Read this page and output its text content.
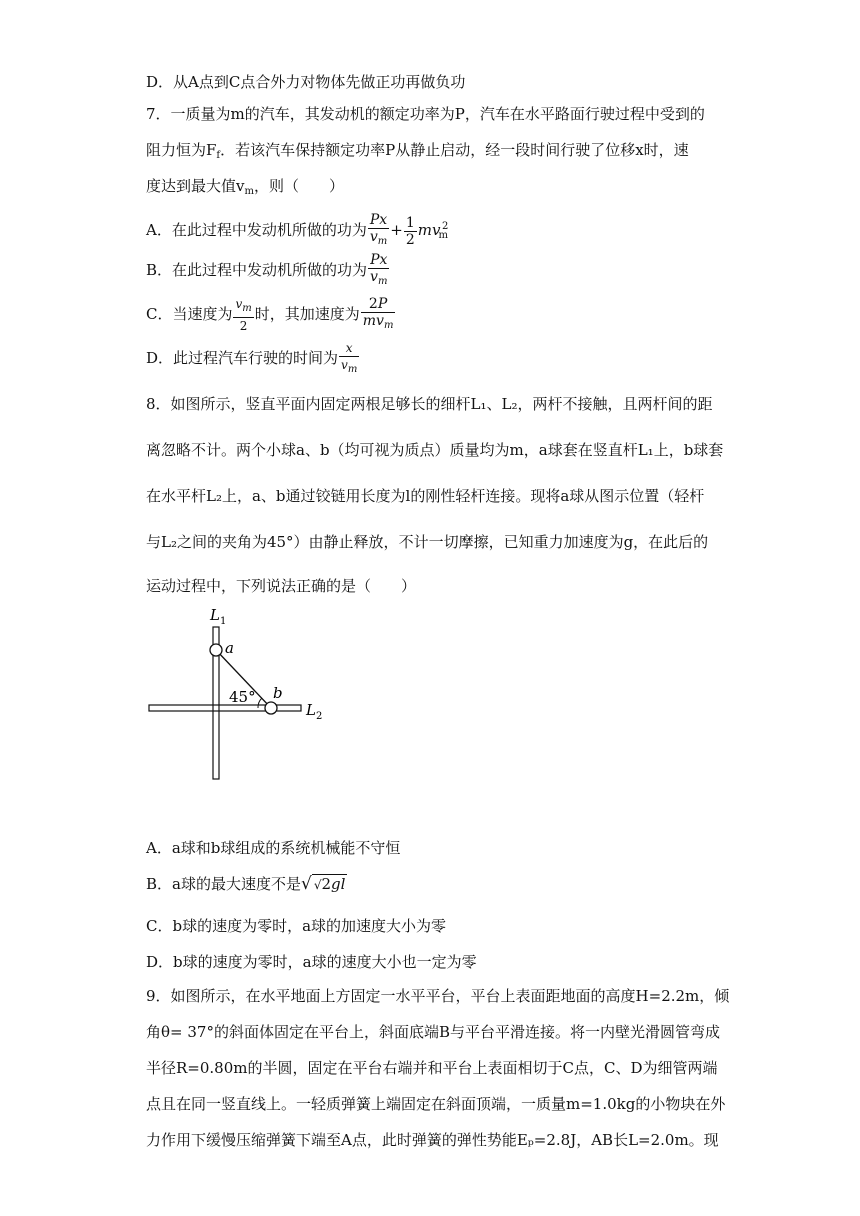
D．从A点到C点合外力对物体先做正功再做负功
7．一质量为m的汽车，其发动机的额定功率为P，汽车在水平路面行驶过程中受到的
阻力恒为$F_f$．若该汽车保持额定功率P从静止启动，经一段时间行驶了位移x时，速
度达到最大值$v_m$，则（　　）
A．在此过程中发动机所做的功为 $\frac{Px}{v_m} + \frac{1}{2} mv_m^2$
B．在此过程中发动机所做的功为 $\frac{Px}{v_m}$
C．当速度为 $\frac{v_m}{2}$ 时，其加速度为 $\frac{2P}{mv_m}$
D．此过程汽车行驶的时间为 $\frac{x}{v_m}$
8．如图所示，竖直平面内固定两根足够长的细杆L₁、L₂，两杆不接触，且两杆间的距
离忽略不计。两个小球a、b（均可视为质点）质量均为m，a球套在竖直杆L₁上，b球套
在水平杆L₂上，a、b通过铰链用长度为l的刚性轻杆连接。现将a球从图示位置（轻杆
与L₂之间的夹角为45°）由静止释放，不计一切摩擦，已知重力加速度为g，在此后的
运动过程中，下列说法正确的是（　　）
$L_1$
a
b
45°
$L_2$
A．a球和b球组成的系统机械能不守恒
B．a球的最大速度不是√ √2gl
C．b球的速度为零时，a球的加速度大小为零
D．b球的速度为零时，a球的速度大小也一定为零
9．如图所示，在水平地面上方固定一水平平台，平台上表面距地面的高度H=2.2m，倾
角θ= 37°的斜面体固定在平台上，斜面底端B与平台平滑连接。将一内壁光滑圆管弯成
半径R=0.80m的半圆，固定在平台右端并和平台上表面相切于C点，C、D为细管两端
点且在同一竖直线上。一轻质弹簧上端固定在斜面顶端，一质量m=1.0kg的小物块在外
力作用下缓慢压缩弹簧下端至A点，此时弹簧的弹性势能Eₚ=2.8J，AB长L=2.0m。现
